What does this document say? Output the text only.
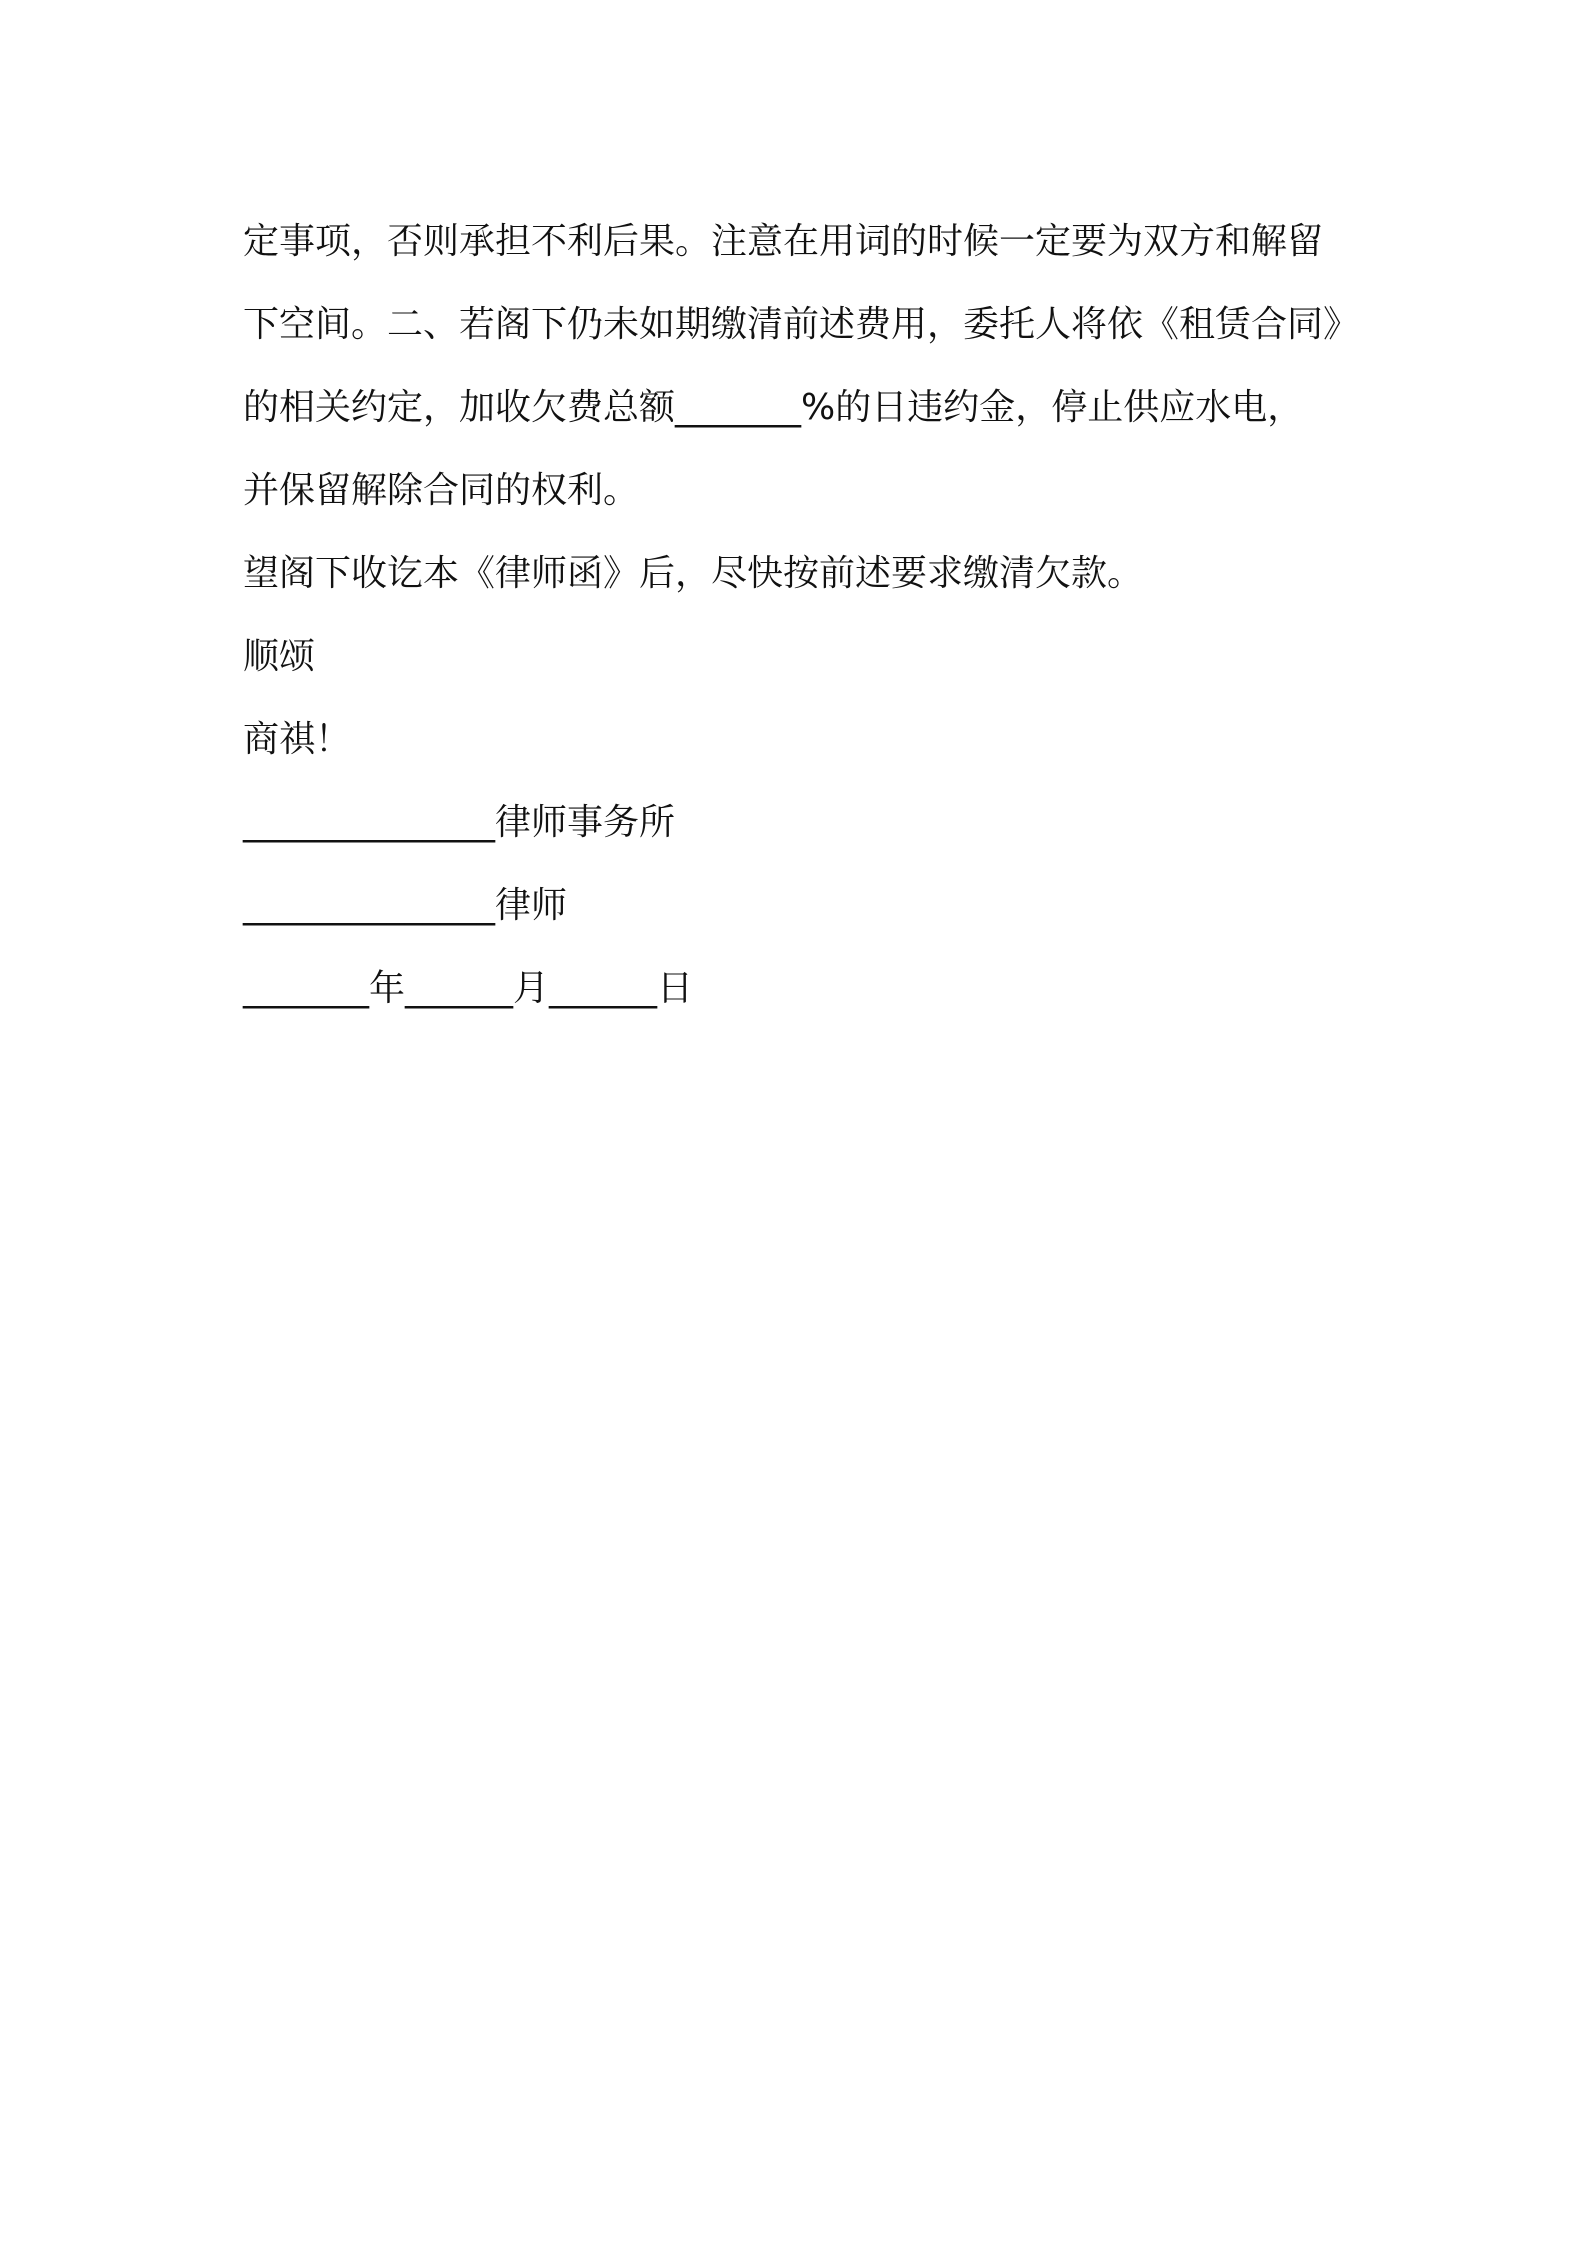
定事项，否则承担不利后果。注意在用词的时候一定要为双方和解留
下空间。二、若阁下仍未如期缴清前述费用，委托人将依《租赁合同》
的相关约定，加收欠费总额_______%的日违约金，停止供应水电，
并保留解除合同的权利。
望阁下收讫本《律师函》后，尽快按前述要求缴清欠款。
顺颂
商祺！
______________律师事务所
______________律师
_______年______月______日
